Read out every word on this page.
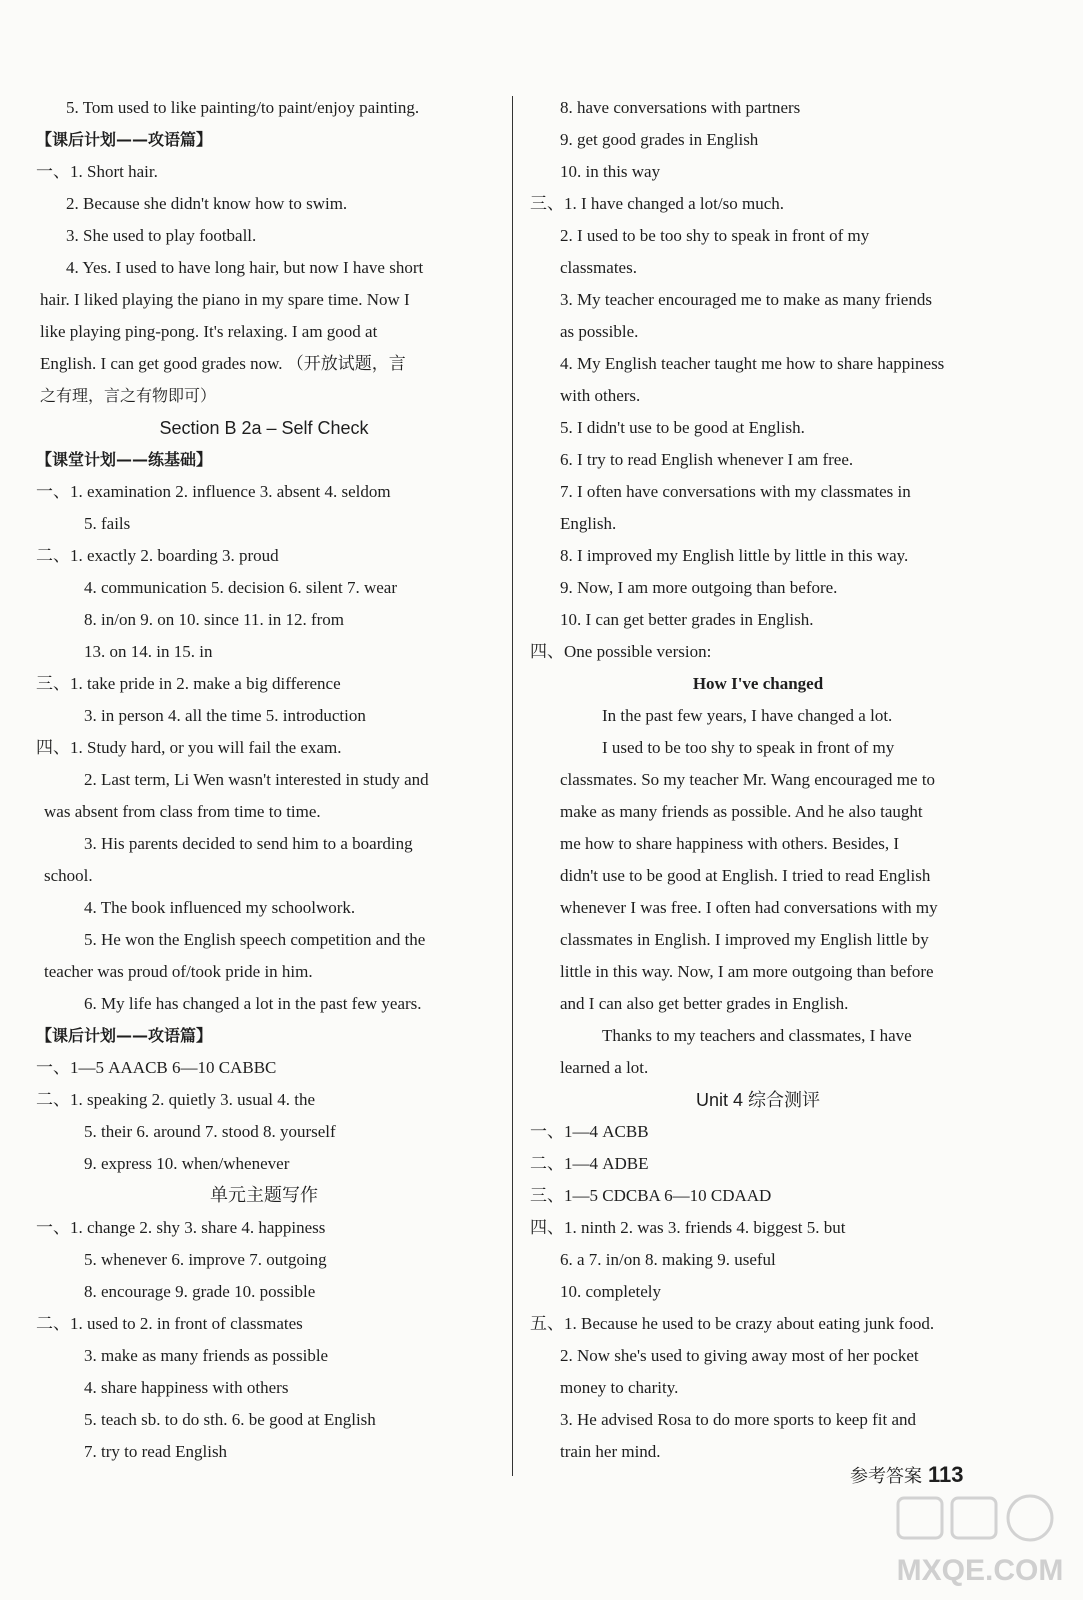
5. Tom used to like painting/to paint/enjoy painting.
【课后计划——攻语篇】
一、1. Short hair.
2. Because she didn't know how to swim.
3. She used to play football.
4. Yes. I used to have long hair, but now I have short
hair. I liked playing the piano in my spare time. Now I
like playing ping-pong. It's relaxing. I am good at
English. I can get good grades now. （开放试题，言
之有理，言之有物即可）
Section B 2a – Self Check
【课堂计划——练基础】
一、1. examination 2. influence 3. absent 4. seldom
5. fails
二、1. exactly 2. boarding 3. proud
4. communication 5. decision 6. silent 7. wear
8. in/on 9. on 10. since 11. in 12. from
13. on 14. in 15. in
三、1. take pride in 2. make a big difference
3. in person 4. all the time 5. introduction
四、1. Study hard, or you will fail the exam.
2. Last term, Li Wen wasn't interested in study and
was absent from class from time to time.
3. His parents decided to send him to a boarding
school.
4. The book influenced my schoolwork.
5. He won the English speech competition and the
teacher was proud of/took pride in him.
6. My life has changed a lot in the past few years.
【课后计划——攻语篇】
一、1—5 AAACB 6—10 CABBC
二、1. speaking 2. quietly 3. usual 4. the
5. their 6. around 7. stood 8. yourself
9. express 10. when/whenever
单元主题写作
一、1. change 2. shy 3. share 4. happiness
5. whenever 6. improve 7. outgoing
8. encourage 9. grade 10. possible
二、1. used to 2. in front of classmates
3. make as many friends as possible
4. share happiness with others
5. teach sb. to do sth. 6. be good at English
7. try to read English
8. have conversations with partners
9. get good grades in English
10. in this way
三、1. I have changed a lot/so much.
2. I used to be too shy to speak in front of my
classmates.
3. My teacher encouraged me to make as many friends
as possible.
4. My English teacher taught me how to share happiness
with others.
5. I didn't use to be good at English.
6. I try to read English whenever I am free.
7. I often have conversations with my classmates in
English.
8. I improved my English little by little in this way.
9. Now, I am more outgoing than before.
10. I can get better grades in English.
四、One possible version:
How I've changed
In the past few years, I have changed a lot.
I used to be too shy to speak in front of my
classmates. So my teacher Mr. Wang encouraged me to
make as many friends as possible. And he also taught
me how to share happiness with others. Besides, I
didn't use to be good at English. I tried to read English
whenever I was free. I often had conversations with my
classmates in English. I improved my English little by
little in this way. Now, I am more outgoing than before
and I can also get better grades in English.
Thanks to my teachers and classmates, I have
learned a lot.
Unit 4 综合测评
一、1—4 ACBB
二、1—4 ADBE
三、1—5 CDCBA 6—10 CDAAD
四、1. ninth 2. was 3. friends 4. biggest 5. but
6. a 7. in/on 8. making 9. useful
10. completely
五、1. Because he used to be crazy about eating junk food.
2. Now she's used to giving away most of her pocket
money to charity.
3. He advised Rosa to do more sports to keep fit and
train her mind.
参考答案 113
MXQE.COM
